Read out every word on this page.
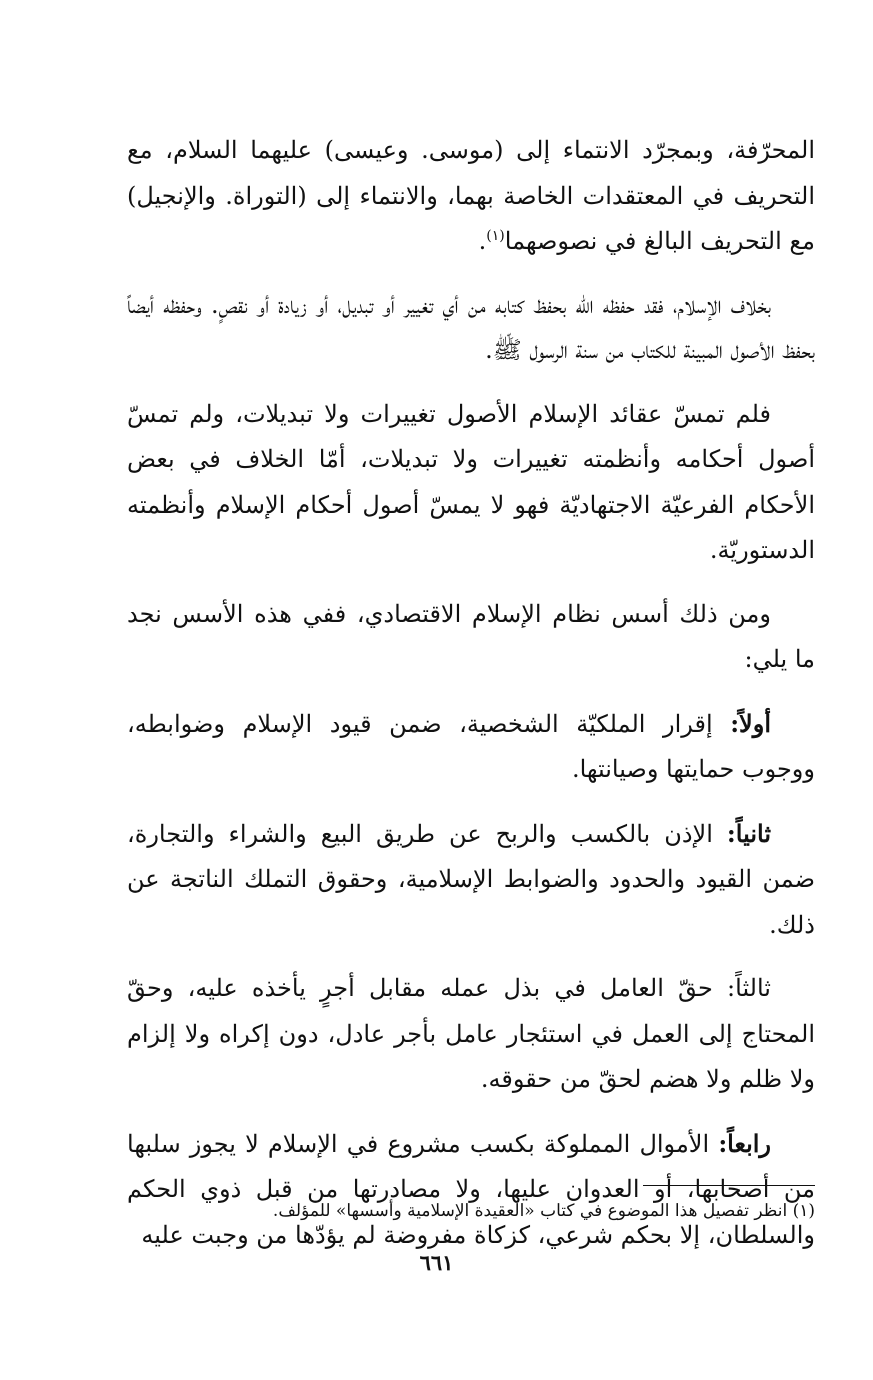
المحرّفة، وبمجرّد الانتماء إلى (موسى. وعيسى) عليهما السلام، مع التحريف في المعتقدات الخاصة بهما، والانتماء إلى (التوراة. والإنجيل) مع التحريف البالغ في نصوصهما$^{(١)}$.

بخلاف الإسلام، فقد حفظه الله بحفظ كتابه من أي تغيير أو تبديل، أو زيادة أو نقصٍ. وحفظه أيضاً بحفظ الأصول المبينة للكتاب من سنة الرسول ﷺ.

فلم تمسّ عقائد الإسلام الأصول تغييرات ولا تبديلات، ولم تمسّ أصول أحكامه وأنظمته تغييرات ولا تبديلات، أمّا الخلاف في بعض الأحكام الفرعيّة الاجتهاديّة فهو لا يمسّ أصول أحكام الإسلام وأنظمته الدستوريّة.

ومن ذلك أسس نظام الإسلام الاقتصادي، ففي هذه الأسس نجد ما يلي:

أولاً: إقرار الملكيّة الشخصية، ضمن قيود الإسلام وضوابطه، ووجوب حمايتها وصيانتها.

ثانياً: الإذن بالكسب والربح عن طريق البيع والشراء والتجارة، ضمن القيود والحدود والضوابط الإسلامية، وحقوق التملك الناتجة عن ذلك.

ثالثاً: حقّ العامل في بذل عمله مقابل أجرٍ يأخذه عليه، وحقّ المحتاج إلى العمل في استئجار عامل بأجر عادل، دون إكراه ولا إلزام ولا ظلم ولا هضم لحقّ من حقوقه.

رابعاً: الأموال المملوكة بكسب مشروع في الإسلام لا يجوز سلبها من أصحابها، أو العدوان عليها، ولا مصادرتها من قبل ذوي الحكم والسلطان، إلا بحكم شرعي، كزكاة مفروضة لم يؤدّها من وجبت عليه

(١) انظر تفصيل هذا الموضوع في كتاب «العقيدة الإسلامية وأسسها» للمؤلف.

٦٦١
